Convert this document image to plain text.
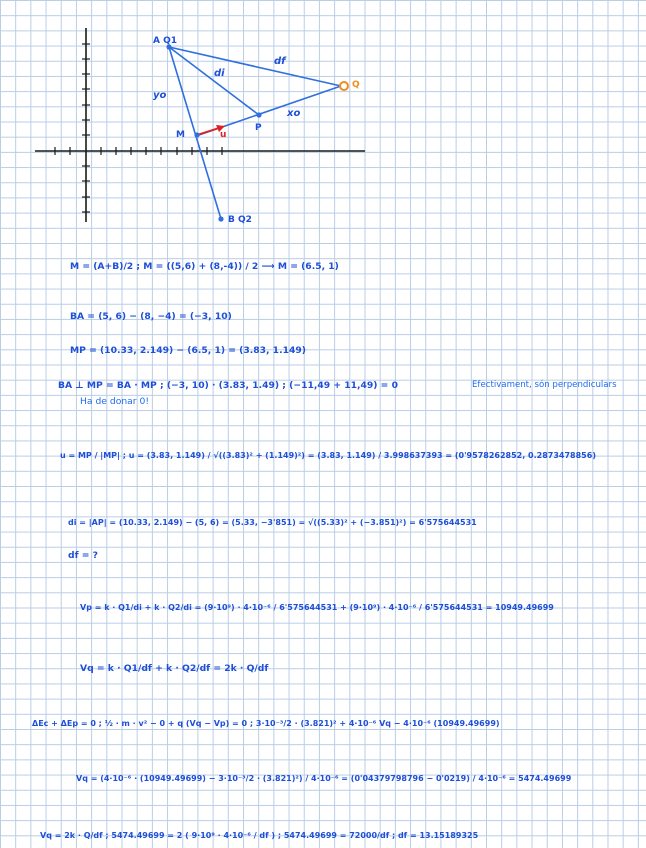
A Q1
B Q2
Q
M
P
u
df
di
yo
xo
M = (A+B)/2 ; M = ((5,6) + (8,-4)) / 2 ⟶ M = (6.5, 1)
BA = (5, 6) − (8, −4) = (−3, 10)
MP = (10.33, 2.149) − (6.5, 1) = (3.83, 1.149)
BA ⊥ MP = BA · MP ; (−3, 10) · (3.83, 1.49) ; (−11,49 + 11,49) = 0	Efectivament, són perpendiculars
Ha de donar 0!
u = MP / |MP| ; u = (3.83, 1.149) / √((3.83)² + (1.149)²) = (3.83, 1.149) / 3.998637393 = (0'9578262852, 0.2873478856)
di = |AP| = (10.33, 2.149) − (5, 6) = (5.33, −3'851) = √((5.33)² + (−3.851)²) = 6'575644531
df = ?
Vp = k · Q1/di + k · Q2/di = (9·10⁹) · 4·10⁻⁶ / 6'575644531 + (9·10⁹) · 4·10⁻⁶ / 6'575644531 = 10949.49699
Vq = k · Q1/df + k · Q2/df = 2k · Q/df
ΔEc + ΔEp = 0 ; ½ · m · v² − 0 + q (Vq − Vp) = 0 ; 3·10⁻³/2 · (3.821)² + 4·10⁻⁶ Vq − 4·10⁻⁶ (10949.49699)
Vq = (4·10⁻⁶ · (10949.49699) − 3·10⁻³/2 · (3.821)²) / 4·10⁻⁶ = (0'04379798796 − 0'0219) / 4·10⁻⁶ = 5474.49699
Vq = 2k · Q/df ; 5474.49699 = 2 ( 9·10⁹ · 4·10⁻⁶ / df ) ; 5474.49699 = 72000/df ; df = 13.15189325
